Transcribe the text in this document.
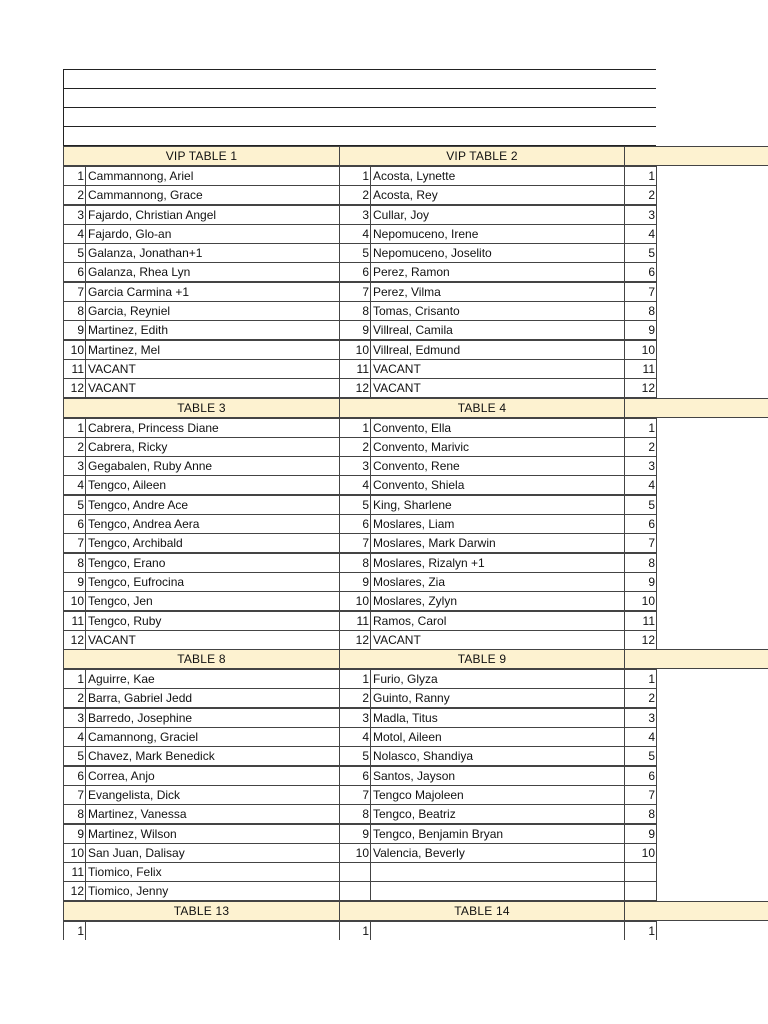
VIP TABLE 1	VIP TABLE 2
1 Cammannong, Ariel	1 Acosta, Lynette	1
2 Cammannong, Grace	2 Acosta, Rey	2
3 Fajardo, Christian Angel	3 Cullar, Joy	3
4 Fajardo, Glo-an	4 Nepomuceno, Irene	4
5 Galanza, Jonathan+1	5 Nepomuceno, Joselito	5
6 Galanza, Rhea Lyn	6 Perez, Ramon	6
7 Garcia Carmina +1	7 Perez, Vilma	7
8 Garcia, Reyniel	8 Tomas, Crisanto	8
9 Martinez, Edith	9 Villreal, Camila	9
10 Martinez, Mel	10 Villreal, Edmund	10
11 VACANT	11 VACANT	11
12 VACANT	12 VACANT	12
TABLE 3	TABLE 4
1 Cabrera, Princess Diane	1 Convento, Ella	1
2 Cabrera, Ricky	2 Convento, Marivic	2
3 Gegabalen, Ruby Anne	3 Convento, Rene	3
4 Tengco, Aileen	4 Convento, Shiela	4
5 Tengco, Andre Ace	5 King, Sharlene	5
6 Tengco, Andrea Aera	6 Moslares, Liam	6
7 Tengco, Archibald	7 Moslares, Mark Darwin	7
8 Tengco, Erano	8 Moslares, Rizalyn +1	8
9 Tengco, Eufrocina	9 Moslares, Zia	9
10 Tengco, Jen	10 Moslares, Zylyn	10
11 Tengco, Ruby	11 Ramos, Carol	11
12 VACANT	12 VACANT	12
TABLE 8	TABLE 9
1 Aguirre, Kae	1 Furio, Glyza	1
2 Barra, Gabriel Jedd	2 Guinto, Ranny	2
3 Barredo, Josephine	3 Madla, Titus	3
4 Camannong, Graciel	4 Motol, Aileen	4
5 Chavez, Mark Benedick	5 Nolasco, Shandiya	5
6 Correa, Anjo	6 Santos, Jayson	6
7 Evangelista, Dick	7 Tengco Majoleen	7
8 Martinez, Vanessa	8 Tengco, Beatriz	8
9 Martinez, Wilson	9 Tengco, Benjamin Bryan	9
10 San Juan, Dalisay	10 Valencia, Beverly	10
11 Tiomico, Felix
12 Tiomico, Jenny
TABLE 13	TABLE 14
1	1	1
